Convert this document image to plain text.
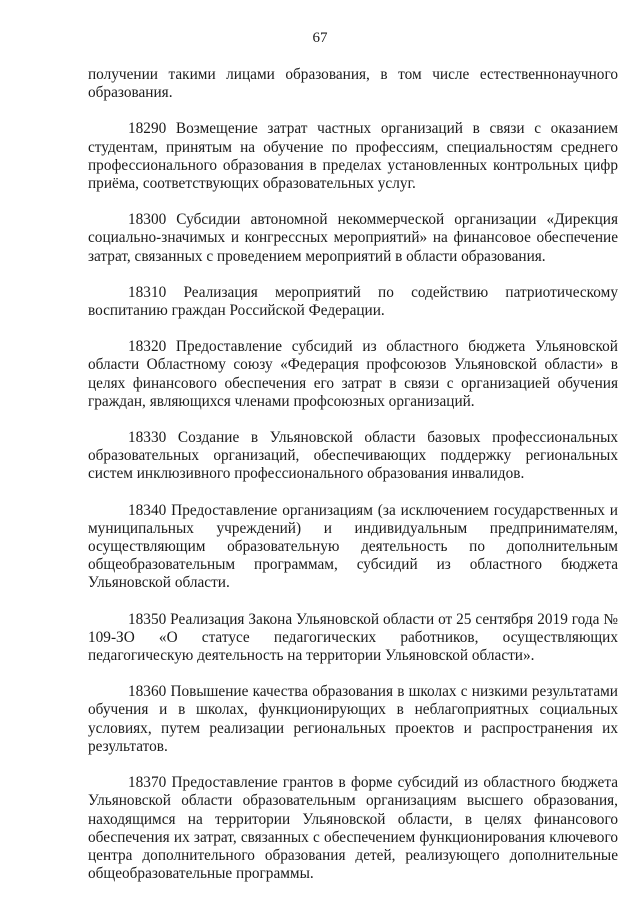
67

получении такими лицами образования, в том числе естественнонаучного образования.

18290 Возмещение затрат частных организаций в связи с оказанием студентам, принятым на обучение по профессиям, специальностям среднего профессионального образования в пределах установленных контрольных цифр приёма, соответствующих образовательных услуг.

18300 Субсидии автономной некоммерческой организации «Дирекция социально-значимых и конгрессных мероприятий» на финансовое обеспечение затрат, связанных с проведением мероприятий в области образования.

18310 Реализация мероприятий по содействию патриотическому воспитанию граждан Российской Федерации.

18320 Предоставление субсидий из областного бюджета Ульяновской области Областному союзу «Федерация профсоюзов Ульяновской области» в целях финансового обеспечения его затрат в связи с организацией обучения граждан, являющихся членами профсоюзных организаций.

18330 Создание в Ульяновской области базовых профессиональных образовательных организаций, обеспечивающих поддержку региональных систем инклюзивного профессионального образования инвалидов.

18340 Предоставление организациям (за исключением государственных и муниципальных учреждений) и индивидуальным предпринимателям, осуществляющим образовательную деятельность по дополнительным общеобразовательным программам, субсидий из областного бюджета Ульяновской области.

18350 Реализация Закона Ульяновской области от 25 сентября 2019 года № 109-ЗО «О статусе педагогических работников, осуществляющих педагогическую деятельность на территории Ульяновской области».

18360 Повышение качества образования в школах с низкими результатами обучения и в школах, функционирующих в неблагоприятных социальных условиях, путем реализации региональных проектов и распространения их результатов.

18370 Предоставление грантов в форме субсидий из областного бюджета Ульяновской области образовательным организациям высшего образования, находящимся на территории Ульяновской области, в целях финансового обеспечения их затрат, связанных с обеспечением функционирования ключевого центра дополнительного образования детей, реализующего дополнительные общеобразовательные программы.
